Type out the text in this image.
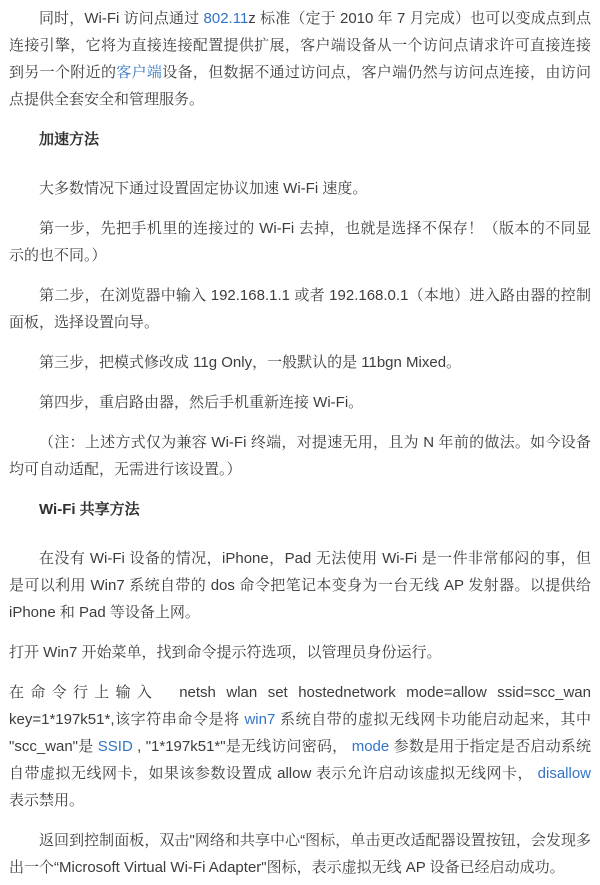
同时，Wi-Fi 访问点通过 802.11z 标准（定于 2010 年 7 月完成）也可以变成点到点连接引擎，它将为直接连接配置提供扩展，客户端设备从一个访问点请求许可直接连接到另一个附近的客户端设备，但数据不通过访问点，客户端仍然与访问点连接，由访问点提供全套安全和管理服务。

加速方法

大多数情况下通过设置固定协议加速 Wi-Fi 速度。

第一步，先把手机里的连接过的 Wi-Fi 去掉，也就是选择不保存！（版本的不同显示的也不同。）

第二步，在浏览器中输入 192.168.1.1 或者 192.168.0.1（本地）进入路由器的控制面板，选择设置向导。

第三步，把模式修改成 11g Only，一般默认的是 11bgn Mixed。

第四步，重启路由器，然后手机重新连接 Wi-Fi。

（注：上述方式仅为兼容 Wi-Fi 终端，对提速无用，且为 N 年前的做法。如今设备均可自动适配，无需进行该设置。）

Wi-Fi 共享方法

在没有 Wi-Fi 设备的情况，iPhone，Pad 无法使用 Wi-Fi 是一件非常郁闷的事，但是可以利用 Win7 系统自带的 dos 命令把笔记本变身为一台无线 AP 发射器。以提供给 iPhone 和 Pad 等设备上网。

打开 Win7 开始菜单，找到命令提示符选项，以管理员身份运行。

在命令行上输入  netsh wlan set hostednetwork mode=allow ssid=scc_wan key=1*197k51*,该字符串命令是将 win7 系统自带的虚拟无线网卡功能启动起来，其中 "scc_wan"是 SSID , "1*197k51*"是无线访问密码， mode 参数是用于指定是否启动系统自带虚拟无线网卡，如果该参数设置成 allow 表示允许启动该虚拟无线网卡， disallow 表示禁用。

返回到控制面板，双击"网络和共享中心“图标，单击更改适配器设置按钮，会发现多出一个“Microsoft Virtual Wi-Fi Adapter"图标，表示虚拟无线 AP 设备已经启动成功。
